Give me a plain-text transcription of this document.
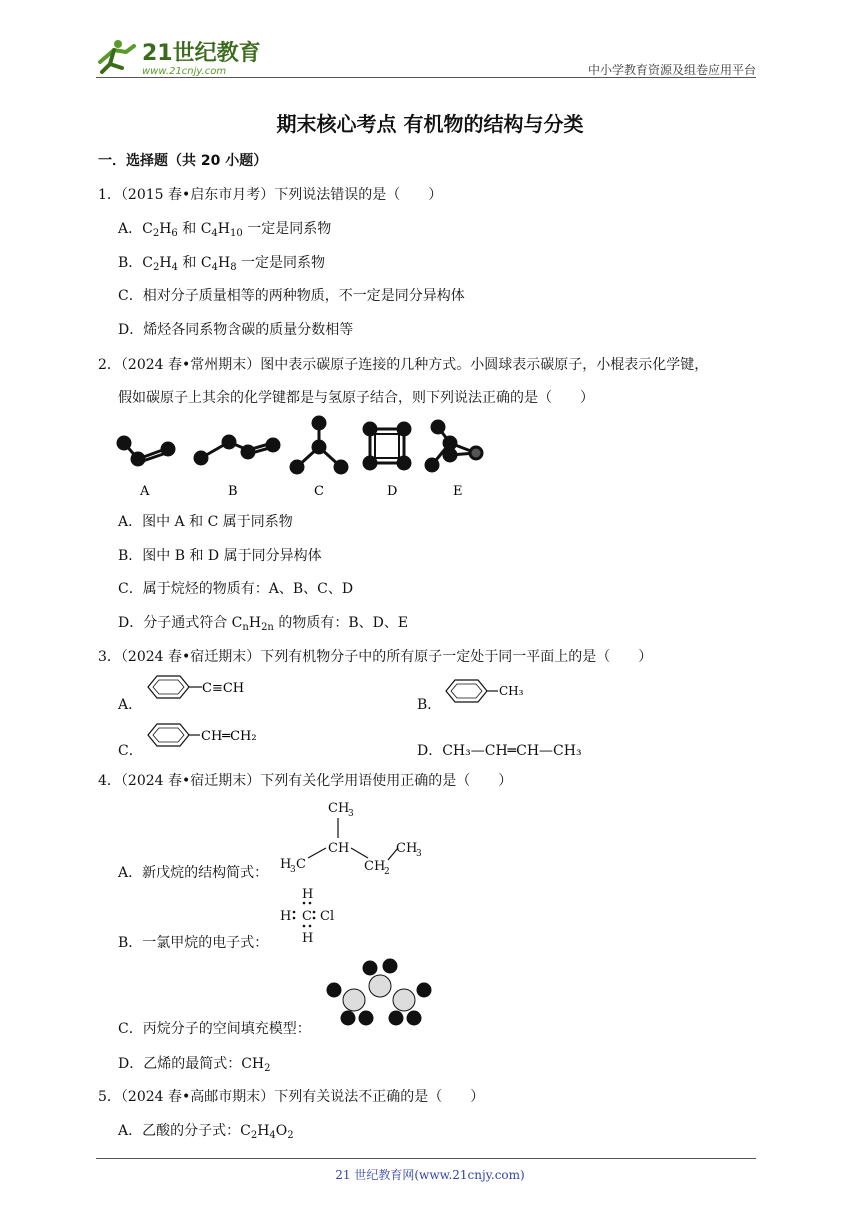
21世纪教育
www.21cnjy.com	中小学教育资源及组卷应用平台
期末核心考点 有机物的结构与分类
一．选择题（共 20 小题）
1．（2015 春•启东市月考）下列说法错误的是（　　）
A．$C_2H_6$ 和 $C_4H_{10}$ 一定是同系物
B．$C_2H_4$ 和 $C_4H_8$ 一定是同系物
C．相对分子质量相等的两种物质，不一定是同分异构体
D．烯烃各同系物含碳的质量分数相等
2．（2024 春•常州期末）图中表示碳原子连接的几种方式。小圆球表示碳原子，小棍表示化学键，
假如碳原子上其余的化学键都是与氢原子结合，则下列说法正确的是（　　）
A	B	C	D	E
A．图中 A 和 C 属于同系物
B．图中 B 和 D 属于同分异构体
C．属于烷烃的物质有：A、B、C、D
D．分子通式符合 $C_nH_{2n}$ 的物质有：B、D、E
3．（2024 春•宿迁期末）下列有机物分子中的所有原子一定处于同一平面上的是（　　）
A．
C≡CH
B．
CH₃
C．
CH═CH₂
D．CH₃—CH═CH—CH₃
4．（2024 春•宿迁期末）下列有关化学用语使用正确的是（　　）
CH
3
CH
H
3 C	CH
2
CH
3
A．新戊烷的结构简式：
H
H C Cl
H
B．一氯甲烷的电子式：
C．丙烷分子的空间填充模型：
D．乙烯的最简式：$CH_2$
5．（2024 春•高邮市期末）下列有关说法不正确的是（　　）
A．乙酸的分子式：$C_2H_4O_2$
21 世纪教育网(www.21cnjy.com)
